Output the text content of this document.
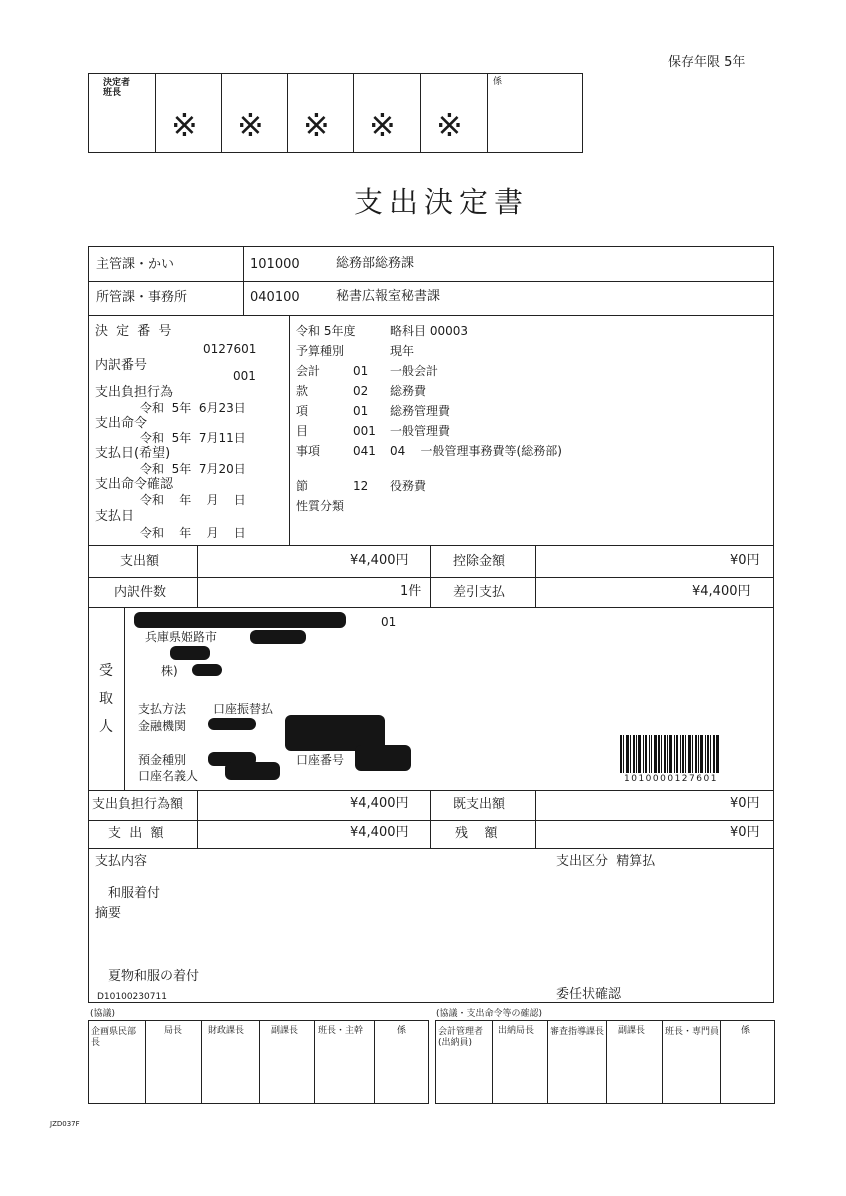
保存年限 5年
決定者
班長
係
※ ※ ※ ※ ※
支出決定書
主管課・かい	101000	総務部総務課
所管課・事務所	040100	秘書広報室秘書課
決 定 番 号
0127601
内訳番号
001
支出負担行為
令和  5年  6月23日
支出命令
令和  5年  7月11日
支払日(希望)
令和  5年  7月20日
支出命令確認
令和    年    月    日
支払日
令和    年    月    日
令和 5年度	略科目 00003
予算種別	現年
会計	01 一般会計
款	02 総務費
項	01 総務管理費
目	001 一般管理費
事項	041 04    一般管理事務費等(総務部)
節	12 役務費
性質分類
支出額	¥4,400円	控除金額	¥0円
内訳件数	1件 差引支払	¥4,400円
受
取
人
01
兵庫県姫路市
株)
支払方法 口座振替払
金融機関
預金種別	口座番号
口座名義人	1010000127601
支出負担行為額	¥4,400円	既支出額	¥0円
支  出  額	¥4,400円	残    額	¥0円
支払内容	支出区分  精算払
和服着付
摘要
夏物和服の着付
D10100230711	委任状確認
(協議)
企画県民部長
局長	財政課長	副課長 班長・主幹	係
(協議・支出命令等の確認)
会計管理者
(出納員)
出納局長 審査指導課長 副課長 班長・専門員 係
JZD037F
